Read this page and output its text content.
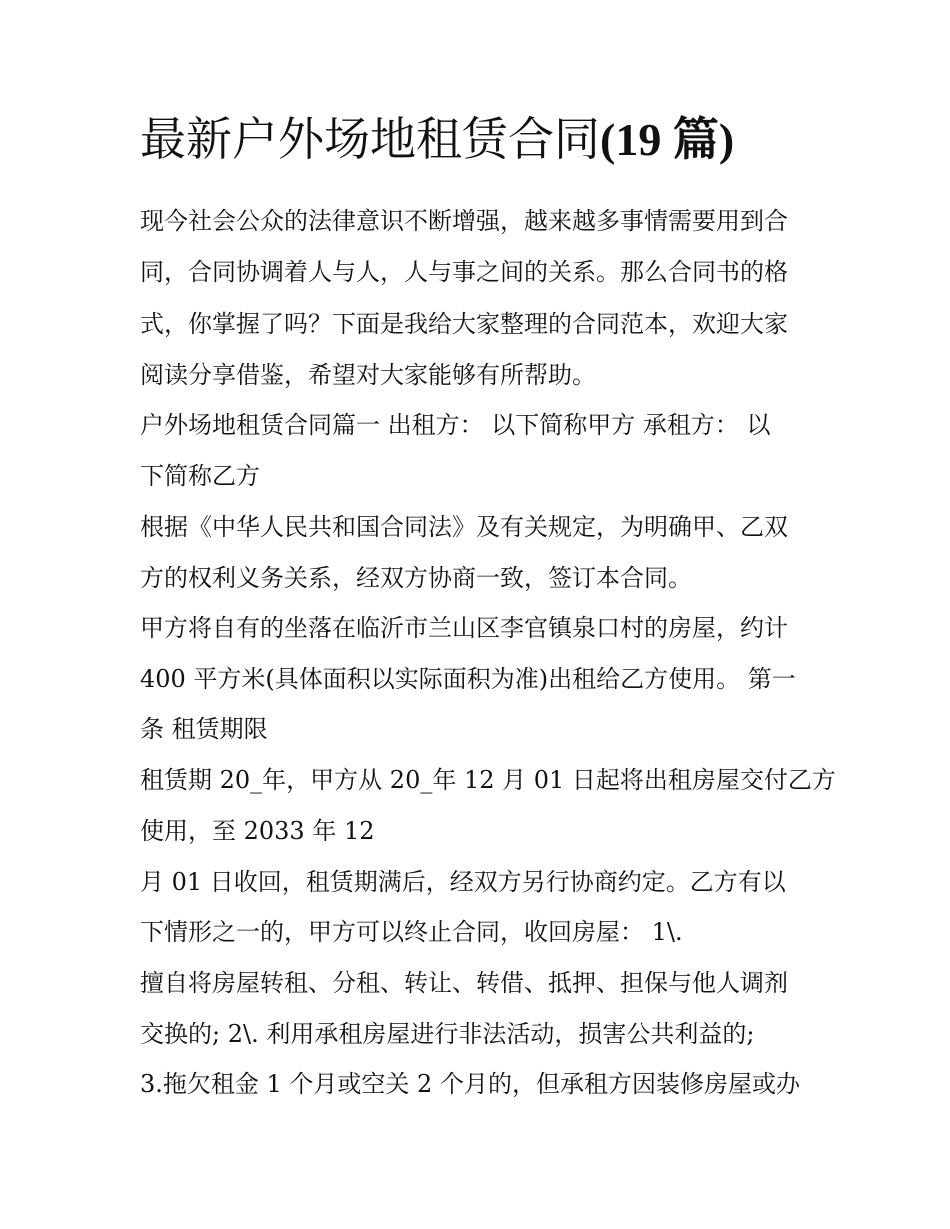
最新户外场地租赁合同(19 篇)

现今社会公众的法律意识不断增强，越来越多事情需要用到合

同，合同协调着人与人，人与事之间的关系。那么合同书的格

式，你掌握了吗？下面是我给大家整理的合同范本，欢迎大家

阅读分享借鉴，希望对大家能够有所帮助。

户外场地租赁合同篇一 出租方： 以下简称甲方 承租方： 以

下简称乙方

根据《中华人民共和国合同法》及有关规定，为明确甲、乙双

方的权利义务关系，经双方协商一致，签订本合同。

甲方将自有的坐落在临沂市兰山区李官镇泉口村的房屋，约计

400 平方米(具体面积以实际面积为准)出租给乙方使用。 第一

条 租赁期限

租赁期 20_年，甲方从 20_年 12 月 01 日起将出租房屋交付乙方

使用，至 2033 年 12

月 01 日收回，租赁期满后，经双方另行协商约定。乙方有以

下情形之一的，甲方可以终止合同，收回房屋： 1\.

擅自将房屋转租、分租、转让、转借、抵押、担保与他人调剂

交换的; 2\. 利用承租房屋进行非法活动，损害公共利益的;

3.拖欠租金 1 个月或空关 2 个月的，但承租方因装修房屋或办
